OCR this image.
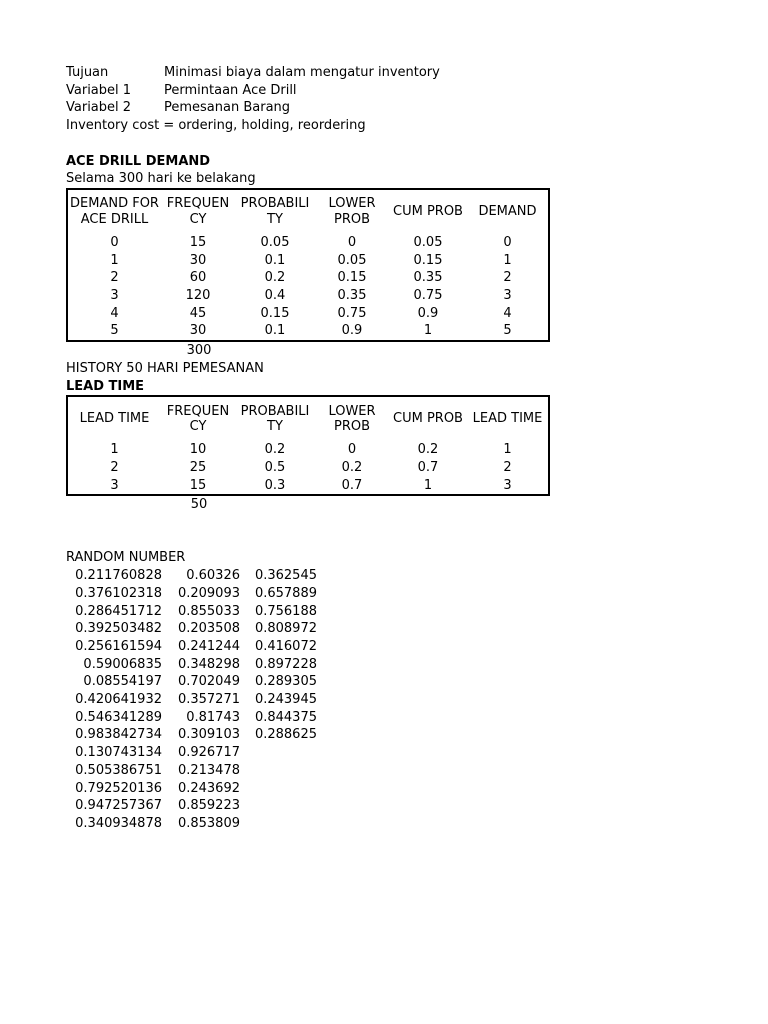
Tujuan	Minimasi biaya dalam mengatur inventory
Variabel 1	Permintaan Ace Drill
Variabel 2	Pemesanan Barang
Inventory cost = ordering, holding, reordering
ACE DRILL DEMAND
Selama 300 hari ke belakang
DEMAND FOR ACE DRILL	FREQUEN CY	PROBABILI TY	LOWER PROB	CUM PROB	DEMAND
0	15	0.05	0	0.05	0
1	30	0.1	0.05	0.15	1
2	60	0.2	0.15	0.35	2
3	120	0.4	0.35	0.75	3
4	45	0.15	0.75	0.9	4
5	30	0.1	0.9	1	5
300
HISTORY 50 HARI PEMESANAN
LEAD TIME
LEAD TIME	FREQUEN CY	PROBABILI TY	LOWER PROB	CUM PROB	LEAD TIME
1	10	0.2	0	0.2	1
2	25	0.5	0.2	0.7	2
3	15	0.3	0.7	1	3
50
RANDOM NUMBER
0.211760828	0.60326	0.362545
0.376102318	0.209093	0.657889
0.286451712	0.855033	0.756188
0.392503482	0.203508	0.808972
0.256161594	0.241244	0.416072
0.59006835	0.348298	0.897228
0.08554197	0.702049	0.289305
0.420641932	0.357271	0.243945
0.546341289	0.81743	0.844375
0.983842734	0.309103	0.288625
0.130743134	0.926717
0.505386751	0.213478
0.792520136	0.243692
0.947257367	0.859223
0.340934878	0.853809
